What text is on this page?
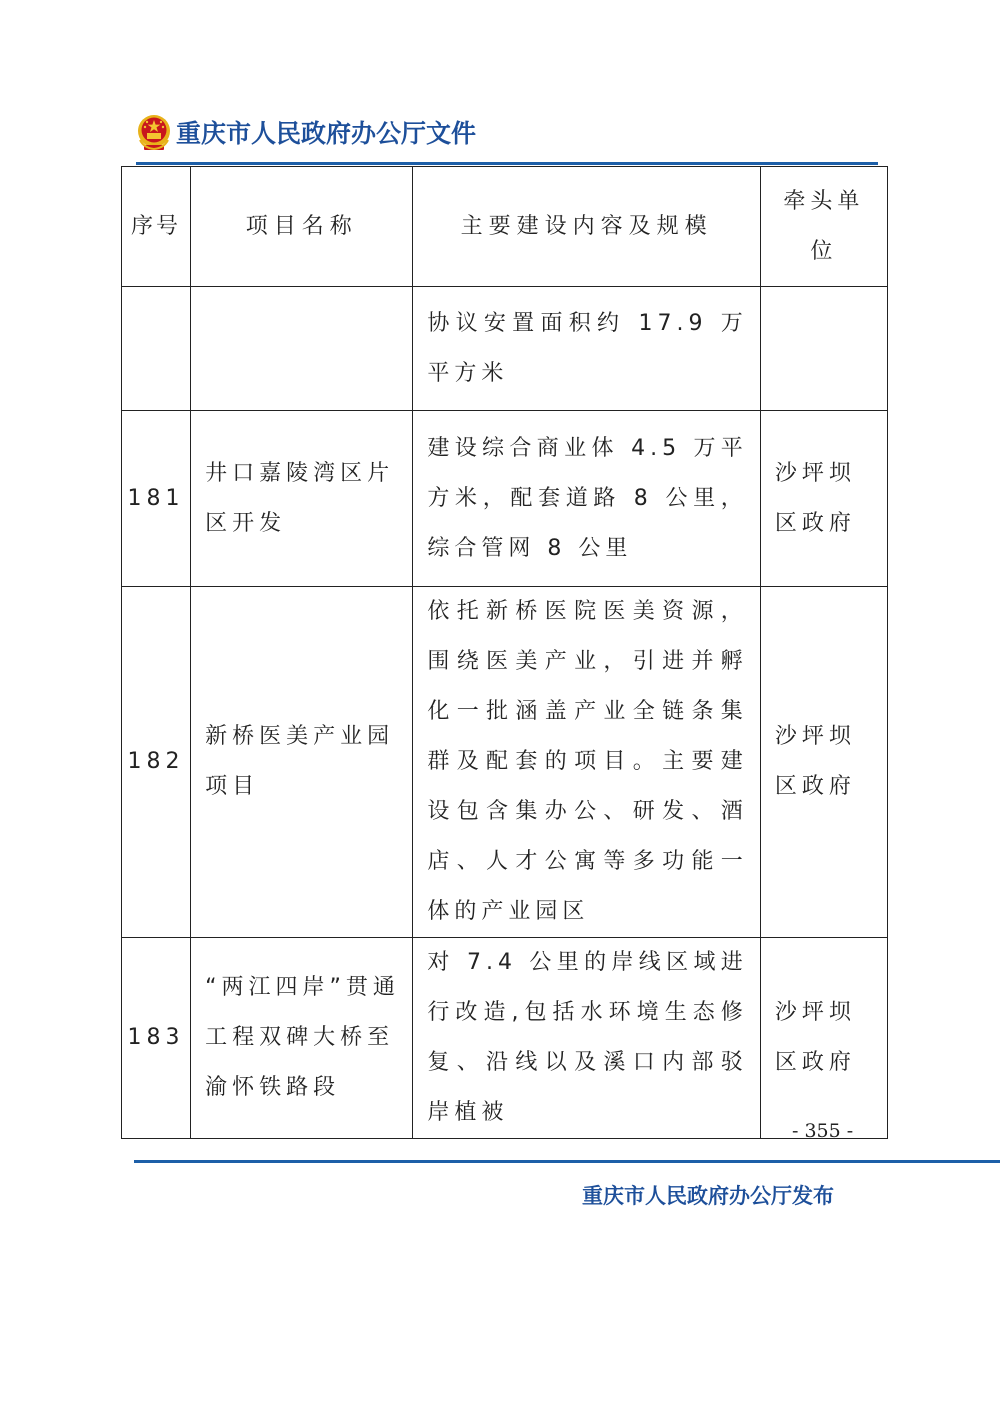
重庆市人民政府办公厅文件
序号	项目名称	主要建设内容及规模	牵头单位
		协议安置面积约 17.9 万平方米	
181	井口嘉陵湾区片区开发	建设综合商业体 4.5 万平方米，配套道路 8 公里，综合管网 8 公里	沙坪坝区政府
182	新桥医美产业园项目	依托新桥医院医美资源，围绕医美产业，引进并孵化一批涵盖产业全链条集群及配套的项目。主要建设包含集办公、研发、酒店、人才公寓等多功能一体的产业园区	沙坪坝区政府
183	“两江四岸”贯通工程双碑大桥至渝怀铁路段	对 7.4 公里的岸线区域进行改造,包括水环境生态修复、沿线以及溪口内部驳岸植被	沙坪坝区政府
- 355 -
重庆市人民政府办公厅发布
